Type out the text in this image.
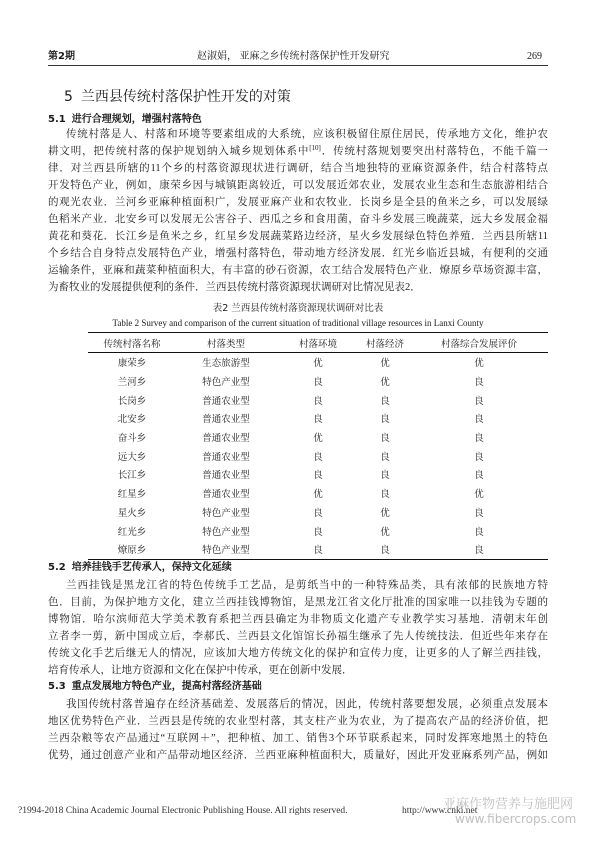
第2期	赵淑娟， 亚麻之乡传统村落保护性开发研究	269
5 兰西县传统村落保护性开发的对策
5.1 进行合理规划，增强村落特色
传统村落是人、村落和环境等要素组成的大系统，应该积极留住原住居民，传承地方文化，维护农
耕文明，把传统村落的保护规划纳入城乡规划体系中[10]．传统村落规划要突出村落特色，不能千篇一
律．对兰西县所辖的11个乡的村落资源现状进行调研，结合当地独特的亚麻资源条件，结合村落特点
开发特色产业，例如，康荣乡因与城镇距离较近，可以发展近郊农业，发展农业生态和生态旅游相结合
的观光农业．兰河乡亚麻种植面积广，发展亚麻产业和农牧业．长岗乡是全县的鱼米之乡，可以发展绿
色稻米产业．北安乡可以发展无公害谷子、西瓜之乡和食用菌，奋斗乡发展三晚蔬菜，远大乡发展金福
黄花和葵花．长江乡是鱼米之乡，红星乡发展蔬菜路边经济，星火乡发展绿色特色养殖．兰西县所辖11
个乡结合自身特点发展特色产业，增强村落特色，带动地方经济发展．红光乡临近县城，有便利的交通
运输条件，亚麻和蔬菜种植面积大，有丰富的砂石资源，农工结合发展特色产业．燎原乡草场资源丰富，
为畜牧业的发展提供便利的条件．兰西县传统村落资源现状调研对比情况见表2．
表2 兰西县传统村落资源现状调研对比表
Table 2 Survey and comparison of the current situation of traditional village resources in Lanxi County
传统村落名称	村落类型	村落环境	村落经济	村落综合发展评价
康荣乡	生态旅游型	优	优	优
兰河乡	特色产业型	良	优	良
长岗乡	普通农业型	良	良	良
北安乡	普通农业型	良	良	良
奋斗乡	普通农业型	优	良	良
远大乡	普通农业型	良	良	良
长江乡	普通农业型	良	良	良
红星乡	普通农业型	优	良	优
星火乡	特色产业型	良	优	良
红光乡	特色产业型	良	优	良
燎原乡	特色产业型	良	良	良
5.2 培养挂钱手艺传承人，保持文化延续
兰西挂钱是黑龙江省的特色传统手工艺品，是剪纸当中的一种特殊品类，具有浓郁的民族地方特
色．目前，为保护地方文化，建立兰西挂钱博物馆，是黑龙江省文化厅批准的国家唯一以挂钱为专题的
博物馆．哈尔滨师范大学美术教育系把兰西县确定为非物质文化遗产专业教学实习基地．清朝末年创
立者李一剪，新中国成立后，李郝氏、兰西县文化馆馆长孙福生继承了先人传统技法．但近些年来存在
传统文化手艺后继无人的情况，应该加大地方传统文化的保护和宣传力度，让更多的人了解兰西挂钱，
培育传承人，让地方资源和文化在保护中传承，更在创新中发展．
5.3 重点发展地方特色产业，提高村落经济基础
我国传统村落普遍存在经济基础差、发展落后的情况，因此，传统村落要想发展，必须重点发展本
地区优势特色产业．兰西县是传统的农业型村落，其支柱产业为农业，为了提高农产品的经济价值，把
兰西杂粮等农产品通过“互联网＋”，把种植、加工、销售3个环节联系起来，同时发挥寒地黑土的特色
优势，通过创意产业和产品带动地区经济．兰西亚麻种植面积大，质量好，因此开发亚麻系列产品，例如
?1994-2018 China Academic Journal Electronic Publishing House. All rights reserved.	http://www.cnki.net
亚麻作物营养与施肥网
www.fibercrops.com
